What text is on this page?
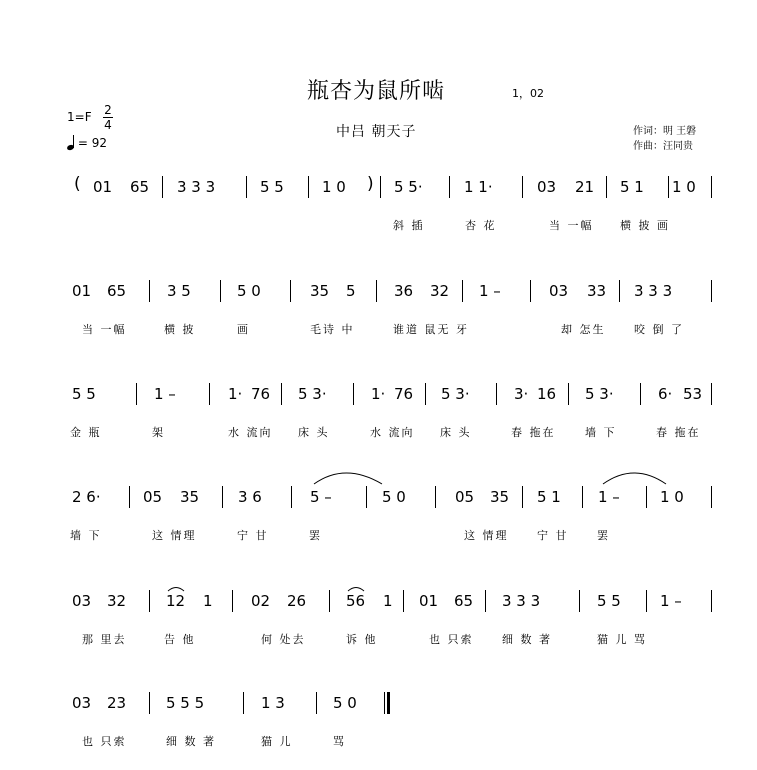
瓶杏为鼠所啮	1，02
中吕 朝天子
1=F 2
4
= 92
作词：明 王磐
作曲：汪同贵
( 01 65 3 3 3	5 5	1 0 ) 5 5·	1 1·	03 21 5 1 1 0
斜 插	杏 花	当 一幅 横 披 画
01 65	3 5	5 0	35 5	36 32 1 –	03 33 3 3 3
当 一幅	横 披	画	毛诗 中	谁道 鼠无 牙	却 怎生	咬 倒 了
5 5	1 –	1· 76 5 3·	1· 76 5 3·	3· 16 5 3·	6· 53
金 瓶	架	水 流向 床 头	水 流向 床 头	春 拖在	墙 下	春 拖在
2 6·	05 35	3 6	5 –	5 0	05 35 5 1 1 –	1 0
墙 下	这 情理	宁 甘	罢	这 情理	宁 甘	罢
03 32	12 1	02 26	56 1 01 65 3 3 3	5 5	1 –
那 里去	告 他	何 处去	诉 他	也 只索	细 数 著	猫 儿 骂
03 23	5 5 5	1 3	5 0
也 只索	细 数 著	猫 儿	骂
